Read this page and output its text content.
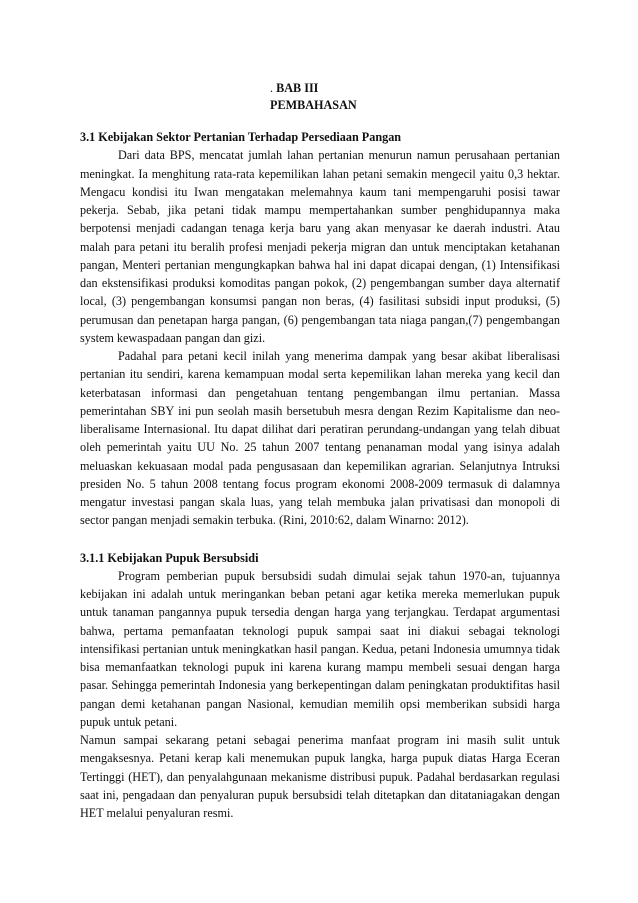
. BAB III
PEMBAHASAN

3.1 Kebijakan Sektor Pertanian Terhadap Persediaan Pangan

Dari data BPS, mencatat jumlah lahan pertanian menurun namun perusahaan pertanian meningkat. Ia menghitung rata-rata kepemilikan lahan petani semakin mengecil yaitu 0,3 hektar. Mengacu kondisi itu Iwan mengatakan melemahnya kaum tani mempengaruhi posisi tawar pekerja. Sebab, jika petani tidak mampu mempertahankan sumber penghidupannya maka berpotensi menjadi cadangan tenaga kerja baru yang akan menyasar ke daerah industri. Atau malah para petani itu beralih profesi menjadi pekerja migran dan untuk menciptakan ketahanan pangan, Menteri pertanian mengungkapkan bahwa hal ini dapat dicapai dengan, (1) Intensifikasi dan ekstensifikasi produksi komoditas pangan pokok, (2) pengembangan sumber daya alternatif local, (3) pengembangan konsumsi pangan non beras, (4) fasilitasi subsidi input produksi, (5) perumusan dan penetapan harga pangan, (6) pengembangan tata niaga pangan,(7) pengembangan system kewaspadaan pangan dan gizi.

Padahal para petani kecil inilah yang menerima dampak yang besar akibat liberalisasi pertanian itu sendiri, karena kemampuan modal serta kepemilikan lahan mereka yang kecil dan keterbatasan informasi dan pengetahuan tentang pengembangan ilmu pertanian. Massa pemerintahan SBY ini pun seolah masih bersetubuh mesra dengan Rezim Kapitalisme dan neo-liberalisame Internasional. Itu dapat dilihat dari peratiran perundang-undangan yang telah dibuat oleh pemerintah yaitu UU No. 25 tahun 2007 tentang penanaman modal yang isinya adalah meluaskan kekuasaan modal pada pengusasaan dan kepemilikan agrarian. Selanjutnya Intruksi presiden No. 5 tahun 2008 tentang focus program ekonomi 2008-2009 termasuk di dalamnya mengatur investasi pangan skala luas, yang telah membuka jalan privatisasi dan monopoli di sector pangan menjadi semakin terbuka. (Rini, 2010:62, dalam Winarno: 2012).

3.1.1 Kebijakan Pupuk Bersubsidi

Program pemberian pupuk bersubsidi sudah dimulai sejak tahun 1970-an, tujuannya kebijakan ini adalah untuk meringankan beban petani agar ketika mereka memerlukan pupuk untuk tanaman pangannya pupuk tersedia dengan harga yang terjangkau. Terdapat argumentasi bahwa, pertama pemanfaatan teknologi pupuk sampai saat ini diakui sebagai teknologi intensifikasi pertanian untuk meningkatkan hasil pangan. Kedua, petani Indonesia umumnya tidak bisa memanfaatkan teknologi pupuk ini karena kurang mampu membeli sesuai dengan harga pasar. Sehingga pemerintah Indonesia yang berkepentingan dalam peningkatan produktifitas hasil pangan demi ketahanan pangan Nasional, kemudian memilih opsi memberikan subsidi harga pupuk untuk petani.

Namun sampai sekarang petani sebagai penerima manfaat program ini masih sulit untuk mengaksesnya. Petani kerap kali menemukan pupuk langka, harga pupuk diatas Harga Eceran Tertinggi (HET), dan penyalahgunaan mekanisme distribusi pupuk. Padahal berdasarkan regulasi saat ini, pengadaan dan penyaluran pupuk bersubsidi telah ditetapkan dan ditataniagakan dengan HET melalui penyaluran resmi.
